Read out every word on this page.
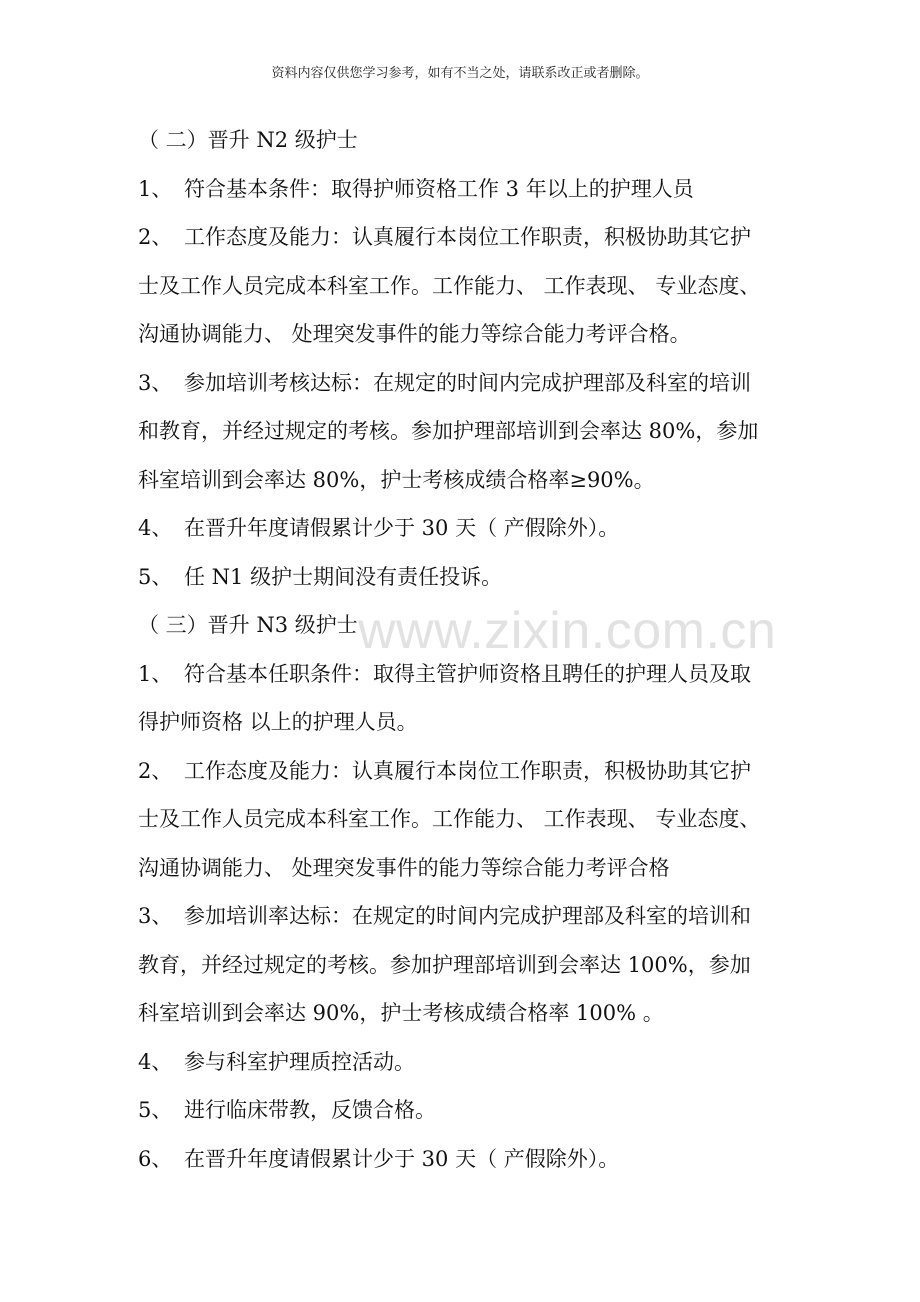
资料内容仅供您学习参考，如有不当之处，请联系改正或者删除。
www.zixin.com.cn
（ 二）晋升 N2 级护士
1、 符合基本条件：取得护师资格工作 3 年以上的护理人员
2、 工作态度及能力：认真履行本岗位工作职责，积极协助其它护
士及工作人员完成本科室工作。工作能力、 工作表现、 专业态度、
沟通协调能力、 处理突发事件的能力等综合能力考评合格。
3、 参加培训考核达标：在规定的时间内完成护理部及科室的培训
和教育，并经过规定的考核。参加护理部培训到会率达 80%，参加
科室培训到会率达 80%，护士考核成绩合格率≥90%。
4、 在晋升年度请假累计少于 30 天（ 产假除外）。
5、 任 N1 级护士期间没有责任投诉。
（ 三）晋升 N3 级护士
1、 符合基本任职条件：取得主管护师资格且聘任的护理人员及取
得护师资格 以上的护理人员。
2、 工作态度及能力：认真履行本岗位工作职责，积极协助其它护
士及工作人员完成本科室工作。工作能力、 工作表现、 专业态度、
沟通协调能力、 处理突发事件的能力等综合能力考评合格
3、 参加培训率达标：在规定的时间内完成护理部及科室的培训和
教育，并经过规定的考核。参加护理部培训到会率达 100%，参加
科室培训到会率达 90%，护士考核成绩合格率 100% 。
4、 参与科室护理质控活动。
5、 进行临床带教，反馈合格。
6、 在晋升年度请假累计少于 30 天（ 产假除外）。
